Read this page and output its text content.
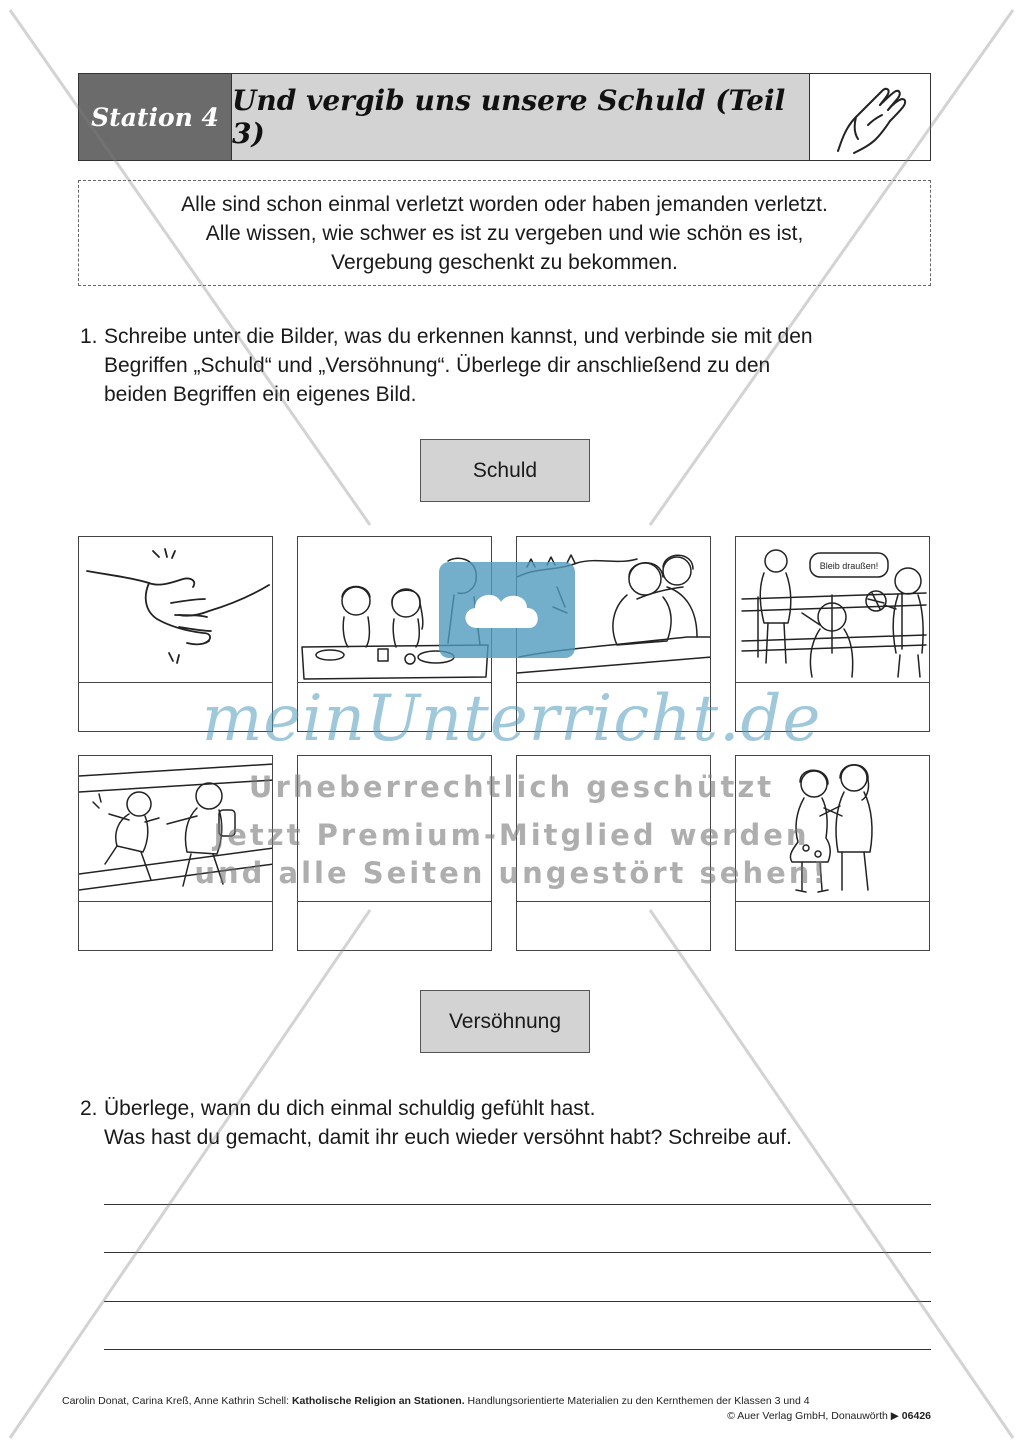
Station 4 Und vergib uns unsere Schuld (Teil 3)
Alle sind schon einmal verletzt worden oder haben jemanden verletzt.
Alle wissen, wie schwer es ist zu vergeben und wie schön es ist,
Vergebung geschenkt zu bekommen.
1. Schreibe unter die Bilder, was du erkennen kannst, und verbinde sie mit den
Begriffen „Schuld“ und „Versöhnung“. Überlege dir anschließend zu den
beiden Begriffen ein eigenes Bild.
Schuld
Bleib draußen!
Versöhnung
2. Überlege, wann du dich einmal schuldig gefühlt hast.
Was hast du gemacht, damit ihr euch wieder versöhnt habt? Schreibe auf.
meinUnterricht.de
Urheberrechtlich geschützt
Jetzt Premium-Mitglied werden
und alle Seiten ungestört sehen!
Carolin Donat, Carina Kreß, Anne Kathrin Schell: Katholische Religion an Stationen. Handlungsorientierte Materialien zu den Kernthemen der Klassen 3 und 4
© Auer Verlag GmbH, Donauwörth ▶ 06426
